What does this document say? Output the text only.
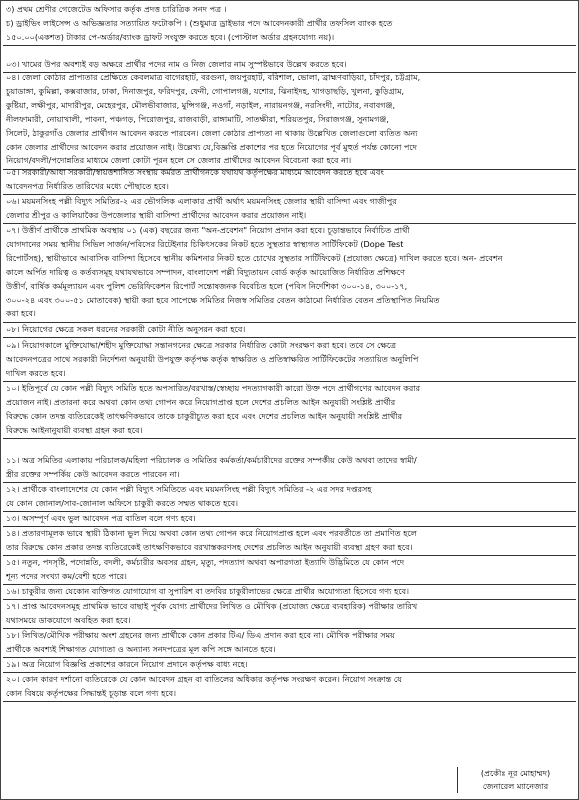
৩) প্রথম শ্রেণীর গেজেটেড অফিসার কর্তৃক প্রদত্ত চারিত্রিক সনদ পত্র ।
চ) ড্রাইভিং লাইসেন্স ও অভিজ্ঞতার সত্যায়িত ফটোকপি । (শুধুমাত্র ড্রাইভার পদে আবেদনকারী প্রার্থীর তফসিল ব্যাংক হতে
১৫০.০০(একশত) টাকার পে-অর্ডার/ব্যাংক ড্রাফট সংযুক্ত করতে হবে। (পোস্টাল অর্ডার গ্রহনযোগ্য নয়)।
০৩। খামের উপর অবশ্যই বড় অক্ষরে প্রার্থীর পদের নাম ও নিজ জেলার নাম সুস্পষ্টভাবে উল্লেখ করতে হবে।
০৪। জেলা কোঠার প্রাপ্যতার প্রেক্ষিতে কেবলমাত্র বাগেরহাট, বরগুনা, জয়পুরহাট, বরিশাল, ভোলা, ব্রাহ্মণবাড়িয়া, চাঁদপুর, চট্টগ্রাম,
চুয়াডাঙ্গা, কুমিল্লা, কক্সবাজার, ঢাকা, দিনাজপুর, ফরিদপুর, ফেনী, গোপালগঞ্জ, যশোর, ঝিনাইদহ, খাগড়াছড়ি, খুলনা, কুড়িগ্রাম,
কুষ্টিয়া, লক্ষীপুর, মাদারীপুর, মেহেরপুর, মৌলভীবাজার, মুন্সিগঞ্জ, নওগাঁ, নড়াইল, নারায়নগঞ্জ, নরসিংদী, নাটোর, নবাবগঞ্জ,
নীলফামারী, নোয়াখালী, পাবনা, পঞ্চগড়, পিরোজপুর, রাজবাড়ী, রাঙ্গামাটি, সাতক্ষীরা, শরিয়তপুর, সিরাজগঞ্জ, সুনামগঞ্জ,
সিলেট, ঠাকুরগাঁও জেলার প্রার্থীগন আবেদন করতে পারবেন। জেলা কোঠার প্রাপ্যতা না থাকায় উল্লেখিত জেলাগুলো ব্যতিত অন্য
কোন জেলার প্রার্থীদের আবেদন করার প্রয়োজন নাই। উল্লেখ্য যে,বিজ্ঞপ্তি প্রকাশের পর হতে নিয়োগের পূর্ব মুহুর্ত পর্যন্ত কোনো পদে
নিয়োগ/বদলী/পদোন্নতির মাধ্যমে জেলা কোটা পূরন হলে সে জেলার প্রার্থীদের আবেদন বিবেচনা করা হবে না।
০৫। সরকারী/আধা সরকারী/স্বায়ত্তশাসিত সংস্থায় কর্মরত প্রার্থীগনকে যথাযথ কর্তৃপক্ষের মাধ্যমে আবেদন করতে হবে এবং
আবেদনপত্র নির্ধারিত তারিখের মধ্যে পৌছাতে হবে।
০৬। ময়মনসিংহ পল্লী বিদ্যুৎ সমিতির-২ এর ভৌগলিক এলাকার প্রার্থী অর্থাৎ ময়মনসিংহ জেলার স্থায়ী বাসিন্দা এবং গাজীপুর
জেলার শ্রীপুর ও কালিয়াকৈর উপজেলার স্থায়ী বাসিন্দা প্রার্থীদের আবেদন করার প্রয়োজন নাই।
০৭। উত্তীর্ণ প্রার্থীকে প্রাথমিক অবস্থায় ০১ (এক) বছরের জন্য "অন-প্রবেশন" নিয়োগ প্রদান করা হবে। চূড়ান্তভাবে নির্বাচিত প্রার্থী
যোগদানের সময় স্থানীয় সিভিল সার্জন/পবিসের রিটেইনার চিকিৎসকের নিকট হতে সুস্থতার স্বাস্থ্যগত সার্টিফিকেট (Dope Test
রিপোর্টসহ), স্থায়ীভাবে আবাসিক বাসিন্দা হিসেবে স্থানীয় কমিশনার নিকট হতে চোখের সুস্থতার সার্টিফিকেট (প্রযোজ্য ক্ষেত্রে) দাখিল করতে হবে। অন- প্রবেশন
কালে অর্পিত দায়িত্ব ও কর্তব্যসমূহ যথাযথভাবে সম্পাদন, বাংলাদেশ পল্লী বিদ্যুতায়ন বোর্ড কর্তৃক আয়োজিত নির্ধারিত প্রশিক্ষণে
উত্তীর্ণ, বার্ষিক কর্মমূল্যায়ন এবং পুলিশ ভেরিফিকেশন রিপোর্ট সন্তোষজনক বিবেচিত হলে (পবিস নির্দেশিকা ৩০০-১৪, ৩০০-১৭,
৩০০-২৪ এবং ৩০০-৫১ মোতাবেক) স্থায়ী করা হবে সাপেক্ষে সমিতির নিজস্ব সমিতির বেতন কাঠামো নির্ধারিত বেতন প্রতিস্থাপিত নিয়মিত
করা হবে।
০৮। নিয়োগের ক্ষেত্রে সকল ধরনের সরকারী কোটা নীতি অনুসরন করা হবে।
০৯। নিয়োগকালে মুক্তিযোদ্ধা/শহীদ মুক্তিযোদ্ধা সন্তানগনের ক্ষেত্রে সরকার নির্ধারিত কোটা সংরক্ষণ করা হবে। তবে সে ক্ষেত্রে
আবেদনপত্রের সাথে সরকারী নির্দেশনা অনুযায়ী উপযুক্ত কর্তৃপক্ষ কর্তৃক স্বাক্ষরিত ও প্রতিস্বাক্ষরিত সার্টিফিকেটের সত্যায়িত অনুলিপি
দাখিল করতে হবে।
১০। ইতিপূর্বে যে কোন পল্লী বিদ্যুৎ সমিতি হতে অপসারিত/বরখাস্ত/স্বেচ্ছায় পদত্যাগকারী কারো উক্ত পদে প্রার্থীগণের আবেদন করার
প্রয়োজন নাই। প্রতারনা করে অথবা কোন তথ্য গোপন করে নিয়োগপ্রাপ্ত হলে দেশের প্রচলিত আইন অনুযায়ী সংশ্লিষ্ট প্রার্থীর
বিরুদ্ধে কোন তদন্ত ব্যতিরেকেই তাৎক্ষণিকভাবে তাকে চাকুরীচ্যুত করা হবে এবং দেশের প্রচলিত আইন অনুযায়ী সংশ্লিষ্ট প্রার্থীর
বিরুদ্ধে আইনানুযায়ী ব্যবস্থা গ্রহন করা হবে।
১১। অত্র সমিতির এলাকায় পরিচালক/মহিলা পরিচালক ও সমিতির কর্মকর্তা/কর্মচারীদের রক্তের সম্পর্কীয় কেউ অথবা তাদের স্বামী/
স্ত্রীর রক্তের সম্পর্কিয় কেউ আবেদন করতে পারবেন না।
১২। প্রার্থীকে বাংলাদেশের যে কোন পল্লী বিদ্যুৎ সমিতিতে এবং ময়মনসিংহ পল্লী বিদ্যুৎ সমিতির -২ এর সদর দপ্তরসহ
যে কোন জোনাল/সাব-জোনাল অফিসে চাকুরী করতে সম্মত থাকতে হবে।
১৩। অসম্পূর্ণ এবং ভুল আবেদন পত্র বাতিল বলে গণ্য হবে।
১৪। প্রতারণামূলক ভাবে স্থায়ী ঠিকানা ভুল দিয়ে অথবা কোন তথ্য গোপন করে নিয়োগপ্রাপ্ত হলে এবং পরবর্তীতে তা প্রমাণিত হলে
তার বিরুদ্ধে কোন প্রকার তদন্ত ব্যতিরেকেই তাৎক্ষণিকভাবে বরখাস্তকরণসহ দেশের প্রচলিত আইন অনুযায়ী ব্যবস্থা গ্রহণ করা হবে।
১৫। নতুন, পদসৃষ্টি, পদোন্নতি, বদলী, কর্মচারীর অবসর গ্রহন, মৃত্যু, পদত্যাগ অথবা অপারগতা ইত্যাদি উদ্ভিমিতে যে কোন পদে
শূন্য পদের সংখ্যা কম/বেশী হতে পারে।
১৬। চাকুরীর জন্য যেকোন ব্যক্তিগত যোগাযোগ বা সুপারিশ বা তদবির চাকুরীলাভের ক্ষেত্রে প্রার্থীর অযোগ্যতা হিসেবে গণ্য হবে।
১৭। প্রাপ্ত আবেদনসমূহ প্রাথমিক ভাবে বাছাই পূর্বক যোগ্য প্রার্থীদের লিখিত ও মৌখিক (প্রযোজ্য ক্ষেত্রে ব্যবহারিক) পরীক্ষার তারিখ
যথাসময়ে ডাকযোগে অবহিত করা হবে।
১৮। লিখিত/মৌখিক পরীক্ষায় অংশ গ্রহনের জন্য প্রার্থীকে কোন প্রকার টিএ/ ডিএ প্রদান করা হবে না। মৌখিক পরীক্ষার সময়
প্রার্থীকে অবশ্যই শিক্ষাগত যোগ্যতা ও অন্যান্য সনদপত্রের মূল কপি সঙ্গে আনতে হবে।
১৯। অত্র নিয়োগ বিজ্ঞপ্তি প্রকাশের কারনে নিয়োগ প্রদানে কর্তৃপক্ষ বাধ্য নহে।
২০। কোন কারণ দর্শানো ব্যতিরেকে যে কোন আবেদন গ্রহন বা বাতিলের অধিকার কর্তৃপক্ষ সংরক্ষণ করেন। নিয়োগ সংক্রান্ত যে
কোন বিষয়ে কর্তৃপক্ষের সিদ্ধান্তই চূড়ান্ত বলে গণ্য হবে।
(প্রকৌঃ নূর মোহাম্মদ)
জেনারেল ম্যানেজার
